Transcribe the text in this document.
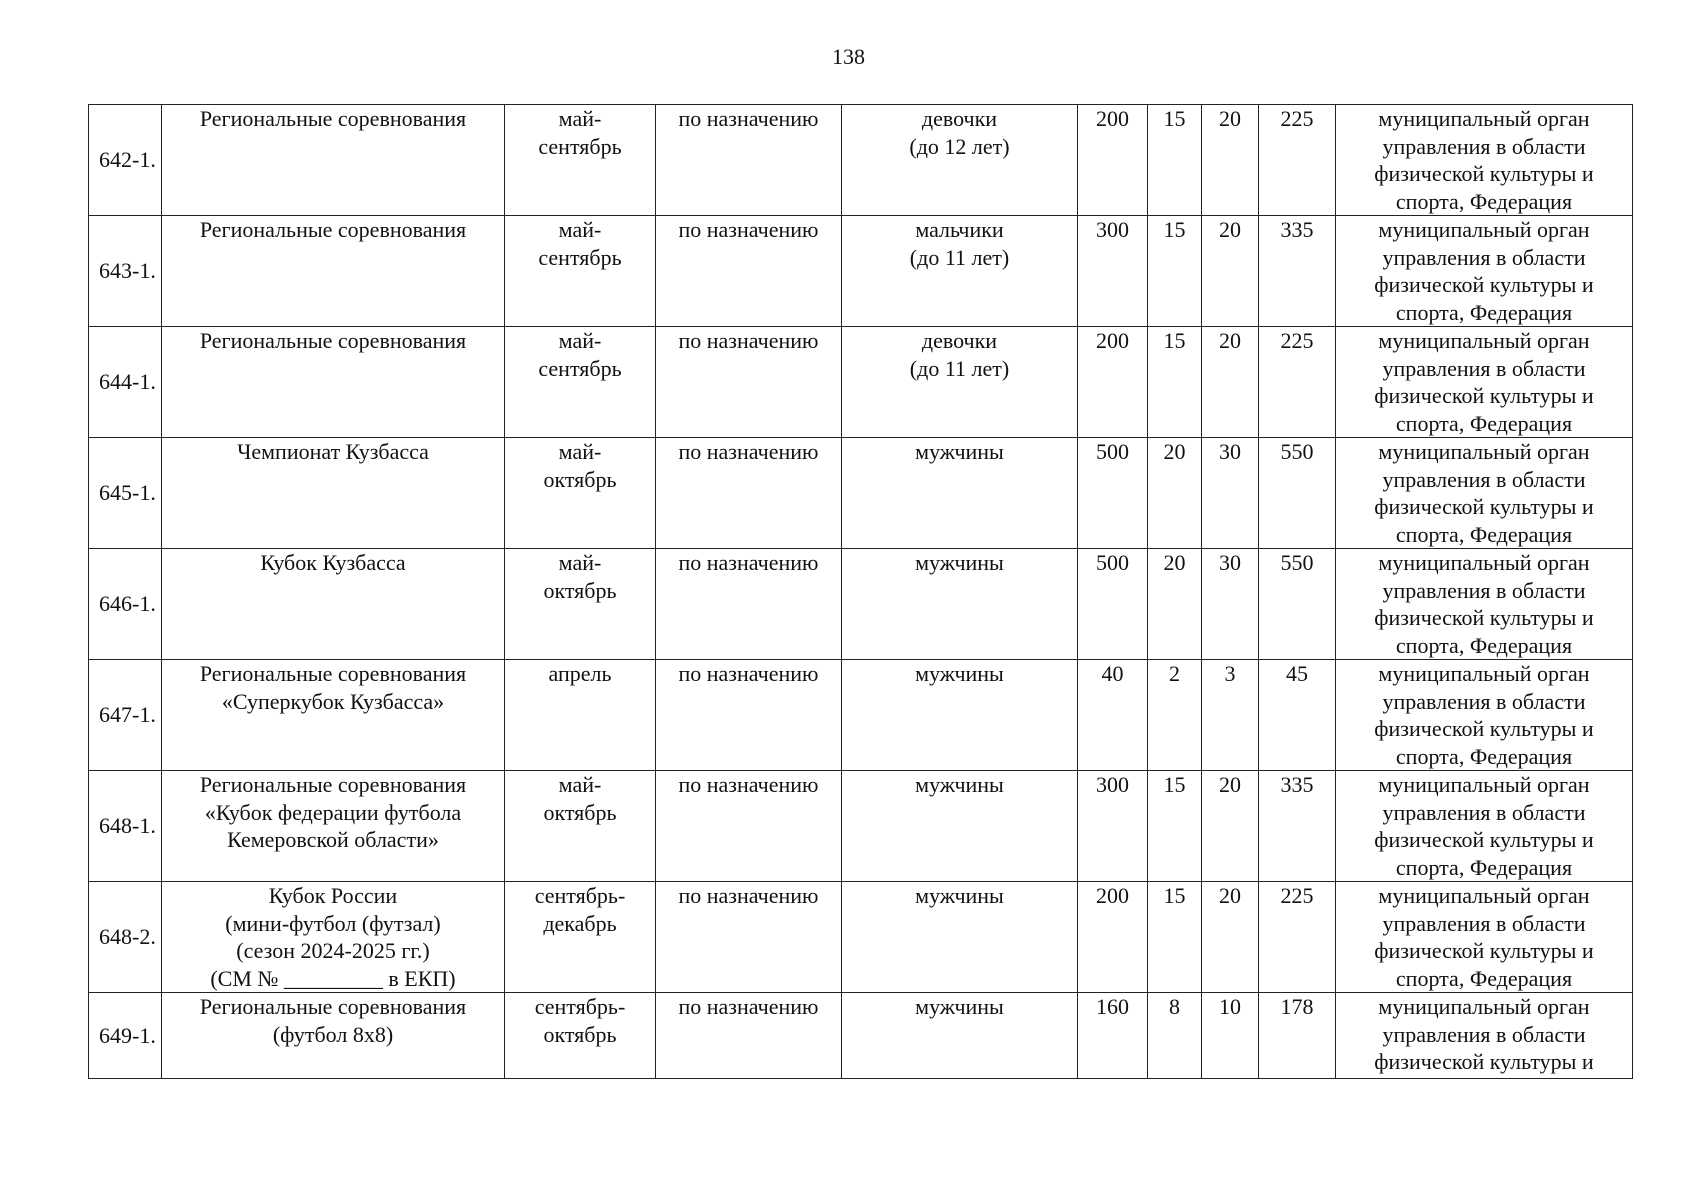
138
642-1.	Региональные соревнования	май-
сентябрь	по назначению	девочки
(до 12 лет)	200	15	20	225	муниципальный орган
управления в области
физической культуры и
спорта, Федерация
643-1.	Региональные соревнования	май-
сентябрь	по назначению	мальчики
(до 11 лет)	300	15	20	335	муниципальный орган
управления в области
физической культуры и
спорта, Федерация
644-1.	Региональные соревнования	май-
сентябрь	по назначению	девочки
(до 11 лет)	200	15	20	225	муниципальный орган
управления в области
физической культуры и
спорта, Федерация
645-1.	Чемпионат Кузбасса	май-
октябрь	по назначению	мужчины	500	20	30	550	муниципальный орган
управления в области
физической культуры и
спорта, Федерация
646-1.	Кубок Кузбасса	май-
октябрь	по назначению	мужчины	500	20	30	550	муниципальный орган
управления в области
физической культуры и
спорта, Федерация
647-1.	Региональные соревнования
«Суперкубок Кузбасса»	апрель	по назначению	мужчины	40	2	3	45	муниципальный орган
управления в области
физической культуры и
спорта, Федерация
648-1.	Региональные соревнования
«Кубок федерации футбола
Кемеровской области»	май-
октябрь	по назначению	мужчины	300	15	20	335	муниципальный орган
управления в области
физической культуры и
спорта, Федерация
648-2.	Кубок России
(мини-футбол (футзал)
(сезон 2024-2025 гг.)
(СМ № _________ в ЕКП)	сентябрь-
декабрь	по назначению	мужчины	200	15	20	225	муниципальный орган
управления в области
физической культуры и
спорта, Федерация
649-1.	Региональные соревнования
(футбол 8х8)	сентябрь-
октябрь	по назначению	мужчины	160	8	10	178	муниципальный орган
управления в области
физической культуры и
